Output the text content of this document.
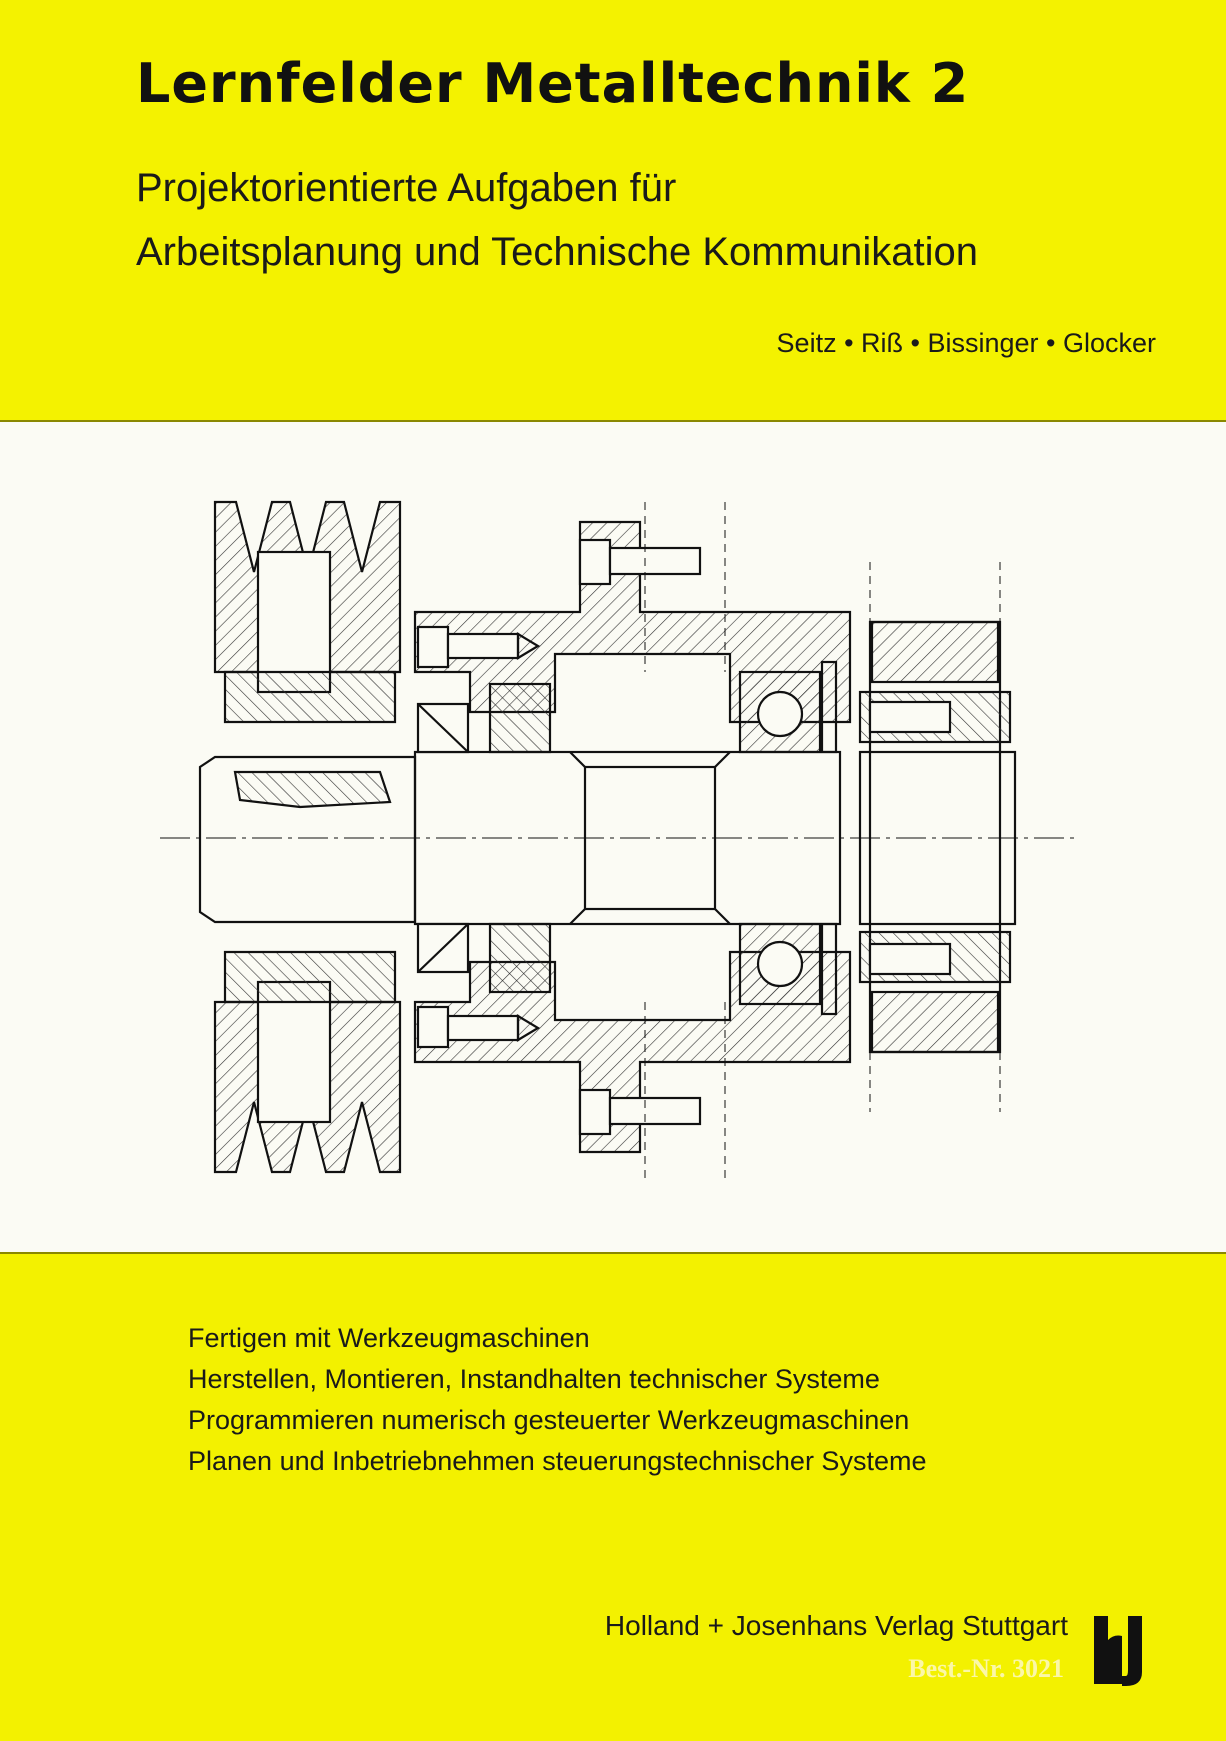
Lernfelder Metalltechnik 2
Projektorientierte Aufgaben für
Arbeitsplanung und Technische Kommunikation
Seitz • Riß • Bissinger • Glocker
Fertigen mit Werkzeugmaschinen
Herstellen, Montieren, Instandhalten technischer Systeme
Programmieren numerisch gesteuerter Werkzeugmaschinen
Planen und Inbetriebnehmen steuerungstechnischer Systeme
Holland + Josenhans Verlag Stuttgart
Best.-Nr. 3021
